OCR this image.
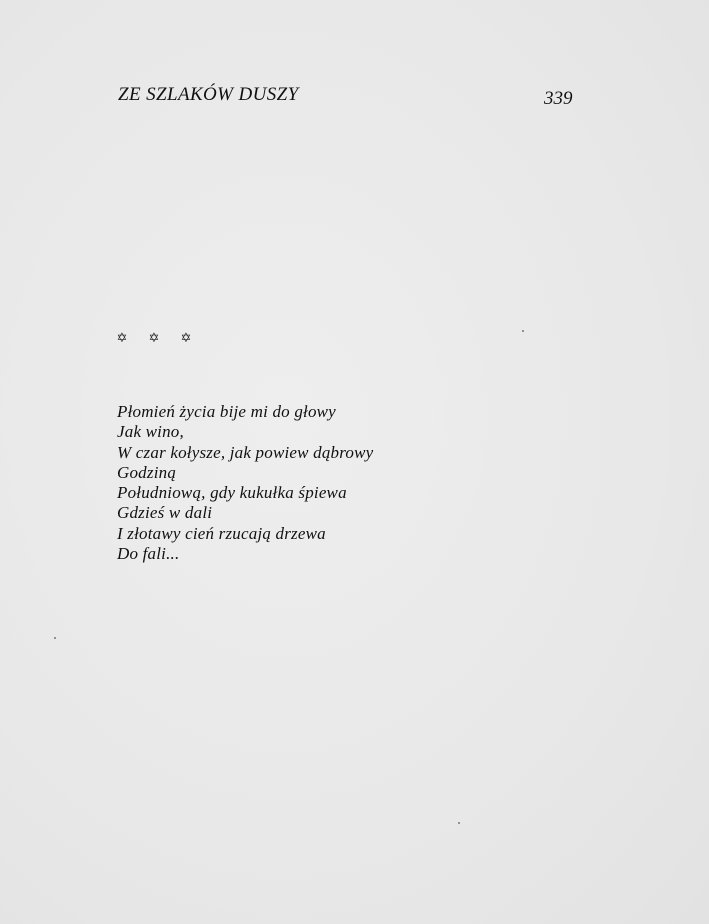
ZE SZLAKÓW DUSZY	339
✡ ✡ ✡
Płomień życia bije mi do głowy
Jak wino,
W czar kołysze, jak powiew dąbrowy
Godziną
Południową, gdy kukułka śpiewa
Gdzieś w dali
I złotawy cień rzucają drzewa
Do fali...
